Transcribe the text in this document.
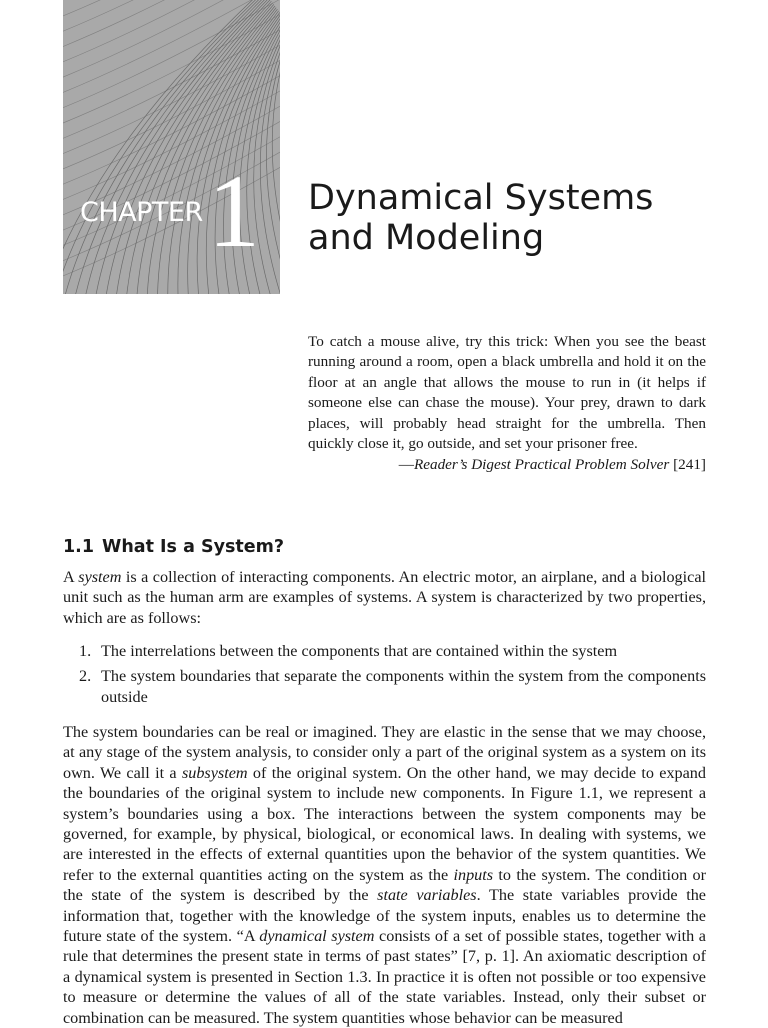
CHAPTER 1 Dynamical Systems
and Modeling
To catch a mouse alive, try this trick: When you see the beast running around a room, open a black umbrella and hold it on the floor at an angle that allows the mouse to run in (it helps if someone else can chase the mouse). Your prey, drawn to dark places, will probably head straight for the umbrella. Then quickly close it, go outside, and set your prisoner free.
—Reader’s Digest Practical Problem Solver [241]
1.1 What Is a System?

A system is a collection of interacting components. An electric motor, an airplane, and a biological unit such as the human arm are examples of systems. A system is characterized by two properties, which are as follows:

1. The interrelations between the components that are contained within the system
2. The system boundaries that separate the components within the system from the components outside

The system boundaries can be real or imagined. They are elastic in the sense that we may choose, at any stage of the system analysis, to consider only a part of the original system as a system on its own. We call it a subsystem of the original system. On the other hand, we may decide to expand the boundaries of the original system to include new components. In Figure 1.1, we represent a system’s boundaries using a box. The interactions between the system components may be governed, for example, by physical, biological, or economical laws. In dealing with systems, we are interested in the effects of external quantities upon the behavior of the system quantities. We refer to the external quantities acting on the system as the inputs to the system. The condition or the state of the system is described by the state variables. The state variables provide the information that, together with the knowledge of the system inputs, enables us to determine the future state of the system. “A dynamical system consists of a set of possible states, together with a rule that determines the present state in terms of past states” [7, p. 1]. An axiomatic description of a dynamical system is presented in Section 1.3. In practice it is often not possible or too expensive to measure or determine the values of all of the state variables. Instead, only their subset or combination can be measured. The system quantities whose behavior can be measured
